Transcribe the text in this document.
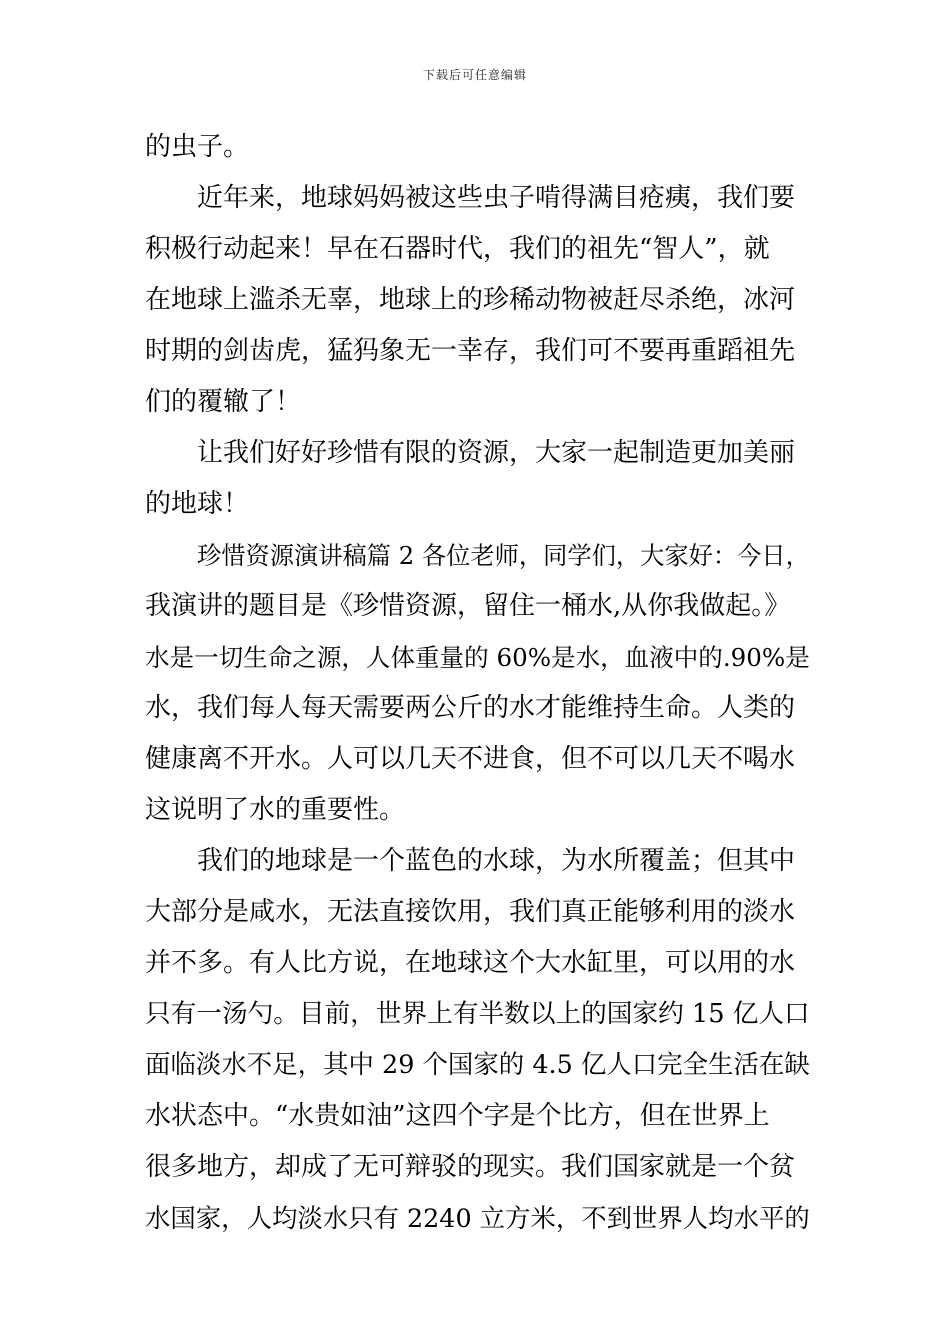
下载后可任意编辑

的虫子。

近年来，地球妈妈被这些虫子啃得满目疮痍，我们要

积极行动起来！早在石器时代，我们的祖先“智人”，就

在地球上滥杀无辜，地球上的珍稀动物被赶尽杀绝，冰河

时期的剑齿虎，猛犸象无一幸存，我们可不要再重蹈祖先

们的覆辙了！

让我们好好珍惜有限的资源，大家一起制造更加美丽

的地球！

珍惜资源演讲稿篇 2 各位老师，同学们，大家好：今日，

我演讲的题目是《珍惜资源，留住一桶水,从你我做起。》

水是一切生命之源，人体重量的 60%是水，血液中的.90%是

水，我们每人每天需要两公斤的水才能维持生命。人类的

健康离不开水。人可以几天不进食，但不可以几天不喝水

这说明了水的重要性。

我们的地球是一个蓝色的水球，为水所覆盖；但其中

大部分是咸水，无法直接饮用，我们真正能够利用的淡水

并不多。有人比方说，在地球这个大水缸里，可以用的水

只有一汤勺。目前，世界上有半数以上的国家约 15 亿人口

面临淡水不足，其中 29 个国家的 4.5 亿人口完全生活在缺

水状态中。“水贵如油”这四个字是个比方，但在世界上

很多地方，却成了无可辩驳的现实。我们国家就是一个贫

水国家，人均淡水只有 2240 立方米，不到世界人均水平的
